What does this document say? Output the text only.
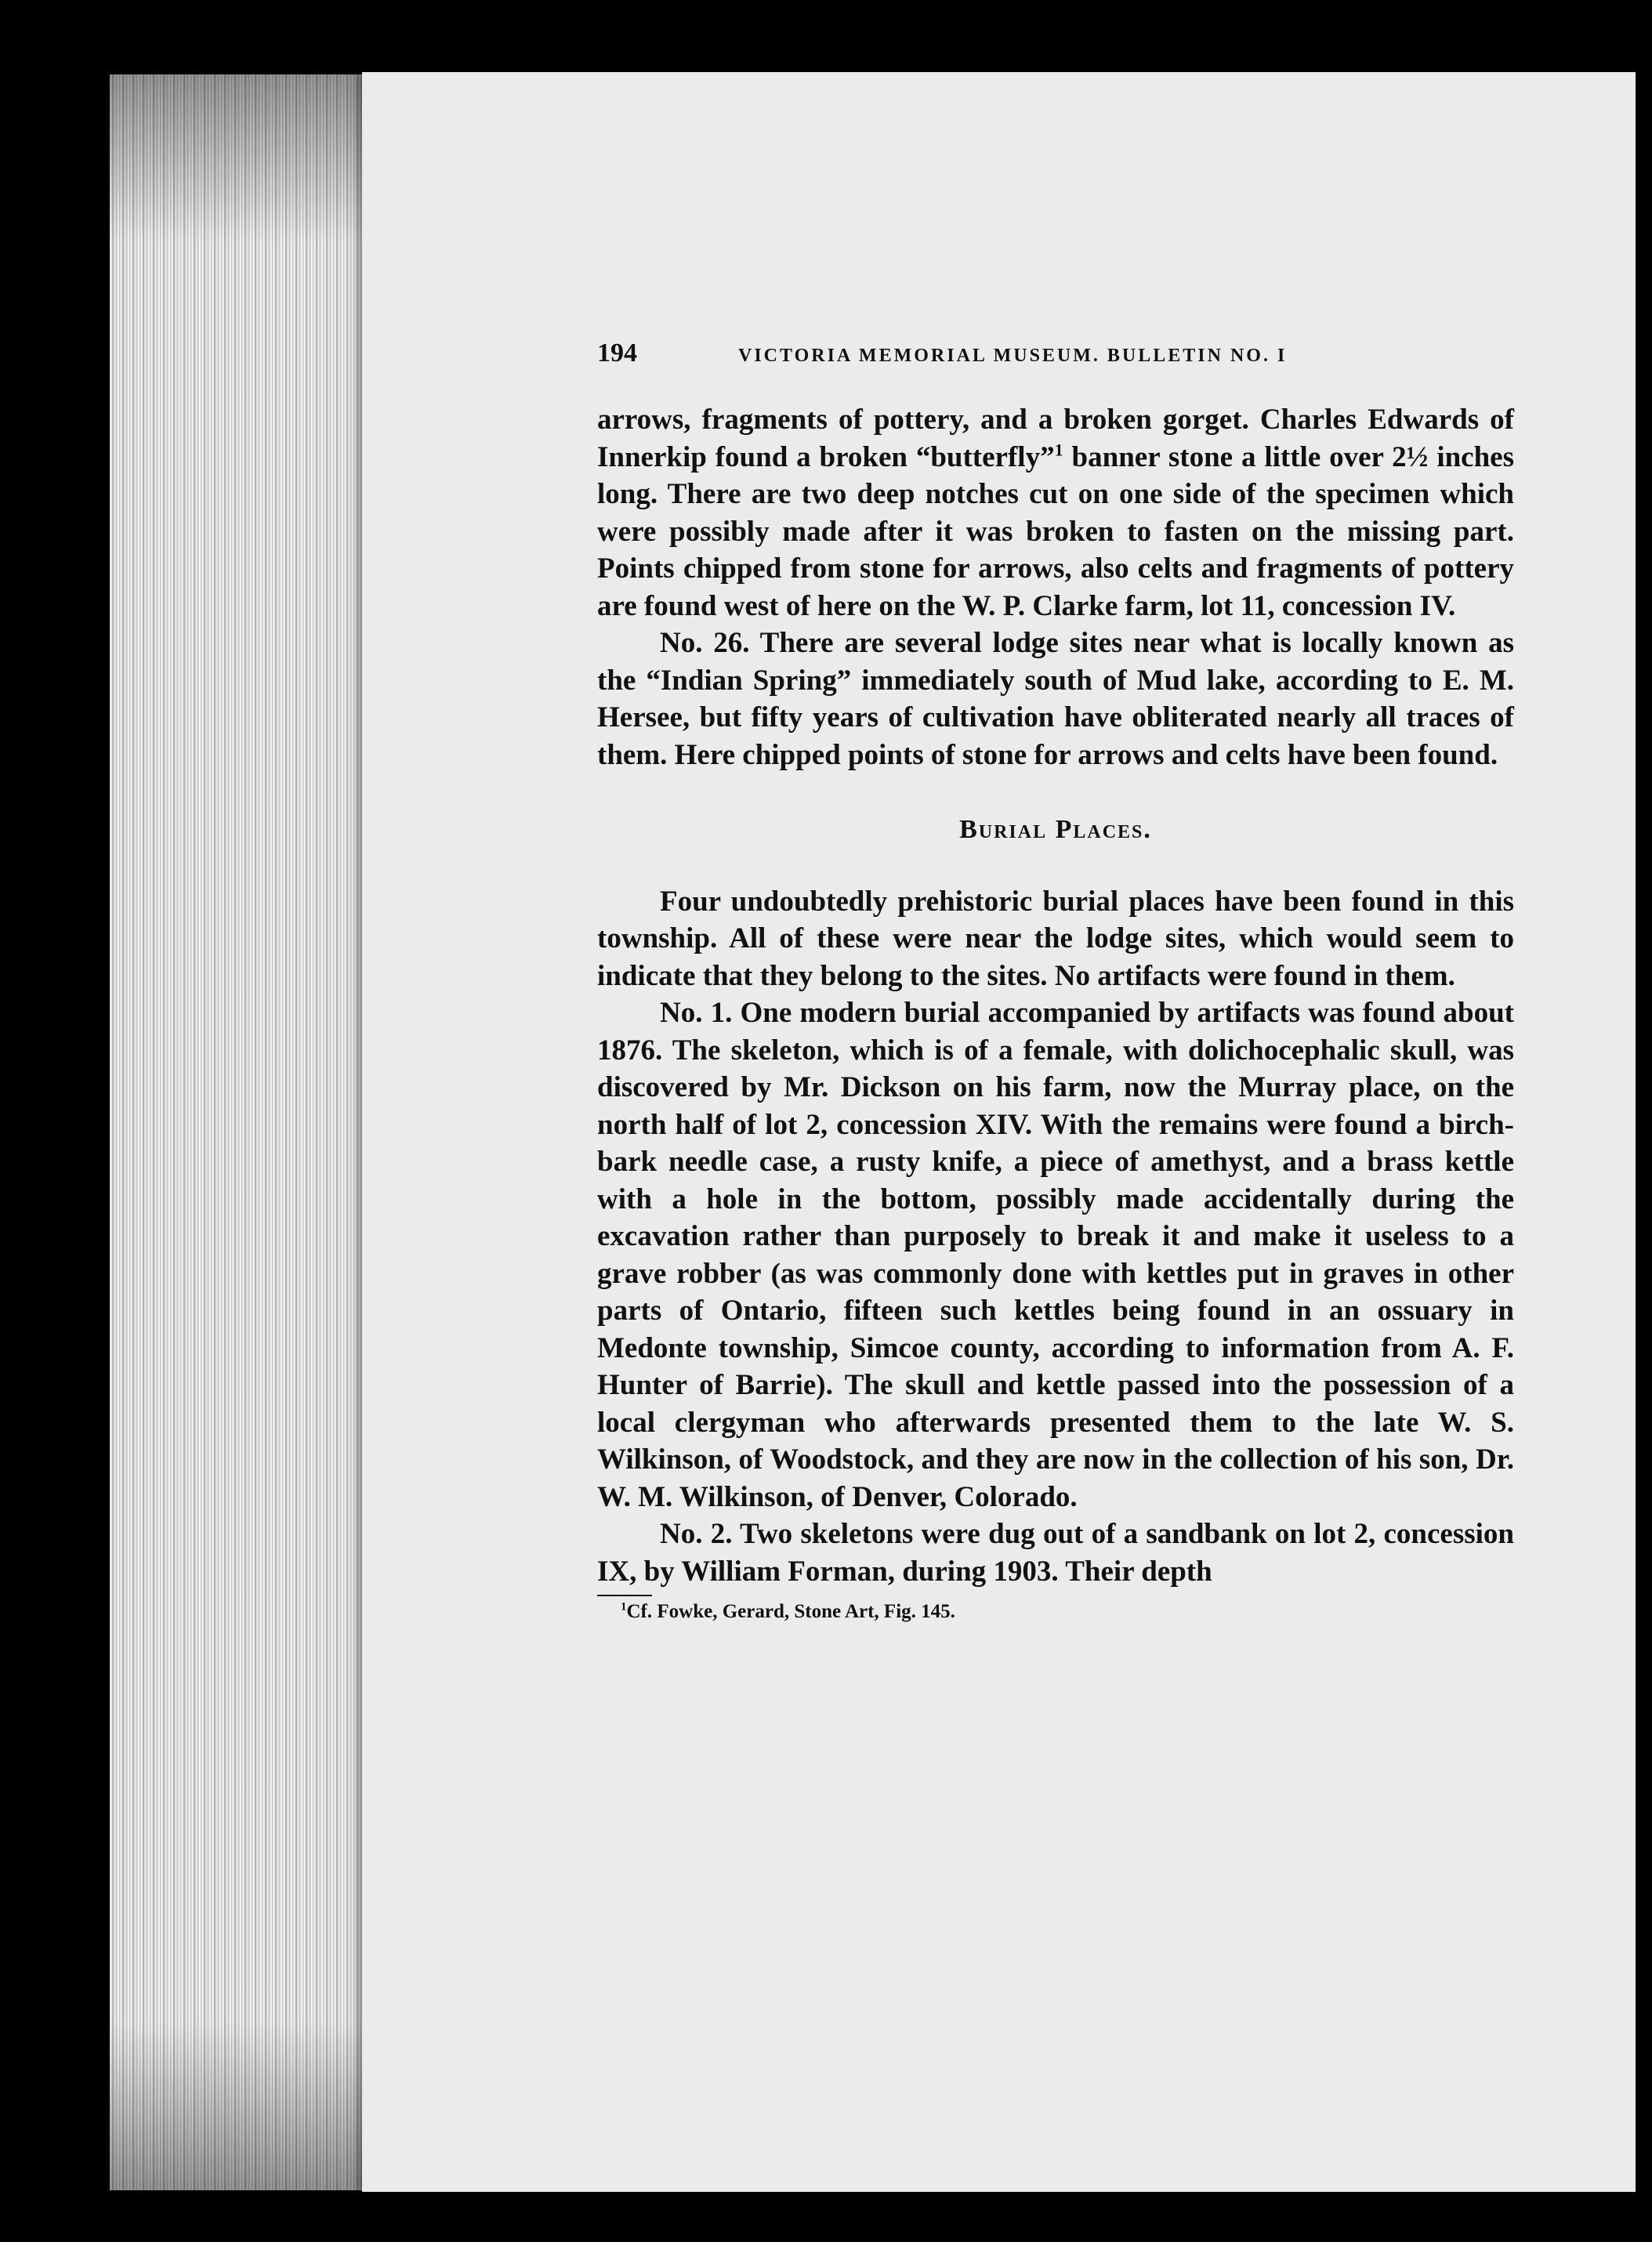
194	VICTORIA MEMORIAL MUSEUM. BULLETIN NO. I

arrows, fragments of pottery, and a broken gorget. Charles Edwards of Innerkip found a broken “butterfly”$^1$ banner stone a little over 2½ inches long. There are two deep notches cut on one side of the specimen which were possibly made after it was broken to fasten on the missing part. Points chipped from stone for arrows, also celts and fragments of pottery are found west of here on the W. P. Clarke farm, lot 11, concession IV.

No. 26. There are several lodge sites near what is locally known as the “Indian Spring” immediately south of Mud lake, according to E. M. Hersee, but fifty years of cultivation have obliterated nearly all traces of them. Here chipped points of stone for arrows and celts have been found.

Burial Places.

Four undoubtedly prehistoric burial places have been found in this township. All of these were near the lodge sites, which would seem to indicate that they belong to the sites. No artifacts were found in them.

No. 1. One modern burial accompanied by artifacts was found about 1876. The skeleton, which is of a female, with dolichocephalic skull, was discovered by Mr. Dickson on his farm, now the Murray place, on the north half of lot 2, concession XIV. With the remains were found a birch-bark needle case, a rusty knife, a piece of amethyst, and a brass kettle with a hole in the bottom, possibly made accidentally during the excavation rather than purposely to break it and make it useless to a grave robber (as was commonly done with kettles put in graves in other parts of Ontario, fifteen such kettles being found in an ossuary in Medonte township, Simcoe county, according to information from A. F. Hunter of Barrie). The skull and kettle passed into the possession of a local clergyman who afterwards presented them to the late W. S. Wilkinson, of Woodstock, and they are now in the collection of his son, Dr. W. M. Wilkinson, of Denver, Colorado.

No. 2. Two skeletons were dug out of a sandbank on lot 2, concession IX, by William Forman, during 1903. Their depth

$^1$Cf. Fowke, Gerard, Stone Art, Fig. 145.
